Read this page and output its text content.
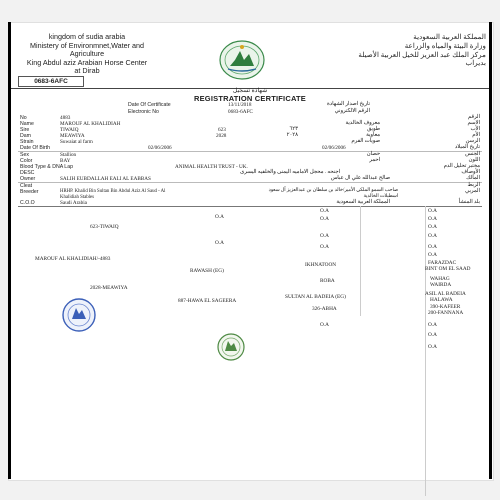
kingdom of sudia arabia
Ministery of Environmnet,Water and
Agriculture
King Abdul aziz Arabian Horse Center
at Dirab
المملكة العربية السعودية
وزارة البيئة والمياه والزراعة
مركز الملك عبد العزيز للخيل العربية الأصيلة
بديراب
0683-6AFC
شهادة تسجيل
REGISTRATION CERTIFICATE
Date Of Certificate	13/11/2018	تاريخ اصدار الشهادة
Electronic No	0683-6AFC	الرقم الالكتروني
No	4883	الرقم
Name	MAROUF AL KHALIDIAH	معروف الخالدية	الاسم
Sire	TIWAIQ	623	٦٢٣	طويق	الأب
Dam	MEAWIYA	2028	٢٠٢٨	معاوية	الأم
Strain	Suwaiat al farm	صويات الفرم	الرسن
Date Of Birth	02/06/2006	02/06/2006	تاريخ الميلاد
Sex	Stallion	حصان	الجنس
Color	BAY	احمر	اللون
Blood Type & DNA Lap	ANIMAL HEALTH TRUST - UK.	مختبر تحليل الدم
DESC	اجنحه . محجل الاماميه اليمنى والخلفيه اليسرى	الأوصاف
Owner	SALIH EUBDALLAH EALI AL EABBAS	صالح عبدالله علي ال عباس	المالك
Cleat	الربط
Breeder	HRHP. Khalid Bin Sultan Bin Abdul Aziz Al Saud - Al
Khalidiah Stables
صاحب السمو الملكي الأمير/خالد بن سلطان بن عبدالعزيز آل سعود
اسطبلات الخالدية
المربي
C.O.O	Saudi Arabia	المملكة العربية السعودية	بلد المنشأ
O.A	O.A
O.A	O.A	O.A
O.A
623-TIWAIQ
O.A	O.A
O.A
O.A	O.A
O.A
MAROUF AL KHALIDIAH/-4883
IKHNATOON	FARAZDAC
BINT OM EL SAAD
RAWASH (EG)
ROBA	WAHAG
WAIRDA
2028-MEAWIYA
SULTAN AL BADEIA (EG)	ASIL AL BADEIA
HALAWA
887-HAWA EL SAGEERA
326-ABHA	390-KAFEER
200-FANNANA
O.A	O.A
O.A
O.A
